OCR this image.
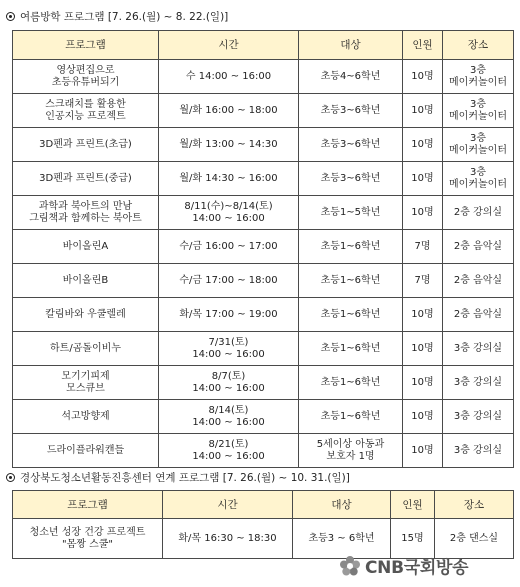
여름방학 프로그램 [7. 26.(월) ~ 8. 22.(일)]
프로그램	시간	대상	인원	장소
영상편집으로
초등유튜버되기	수 14:00 ~ 16:00	초등4~6학년	10명	3층
메이커놀이터
스크래치를 활용한
인공지능 프로젝트	월/화 16:00 ~ 18:00	초등3~6학년	10명	3층
메이커놀이터
3D펜과 프린트(초급)	월/화 13:00 ~ 14:30	초등3~6학년	10명	3층
메이커놀이터
3D펜과 프린트(중급)	월/화 14:30 ~ 16:00	초등3~6학년	10명	3층
메이커놀이터
과학과 북아트의 만남
그림책과 함께하는 북아트	8/11(수)~8/14(토)
14:00 ~ 16:00	초등1~5학년	10명	2층 강의실
바이올린A	수/금 16:00 ~ 17:00	초등1~6학년	7명	2층 음악실
바이올린B	수/금 17:00 ~ 18:00	초등1~6학년	7명	2층 음악실
칼림바와 우쿨렐레	화/목 17:00 ~ 19:00	초등1~6학년	10명	2층 음악실
하트/곰돌이비누	7/31(토)
14:00 ~ 16:00	초등1~6학년	10명	3층 강의실
모기기피제
모스큐브	8/7(토)
14:00 ~ 16:00	초등1~6학년	10명	3층 강의실
석고방향제	8/14(토)
14:00 ~ 16:00	초등1~6학년	10명	3층 강의실
드라이플라워캔들	8/21(토)
14:00 ~ 16:00	5세이상 아동과
보호자 1명	10명	3층 강의실
경상북도청소년활동진흥센터 연계 프로그램 [7. 26.(월) ~ 10. 31.(일)]
프로그램	시간	대상	인원	장소
청소년 성장 건강 프로젝트
"몸짱 스쿨"	화/목 16:30 ~ 18:30	초등3 ~ 6학년	15명	2층 댄스실
CNB국회방송
